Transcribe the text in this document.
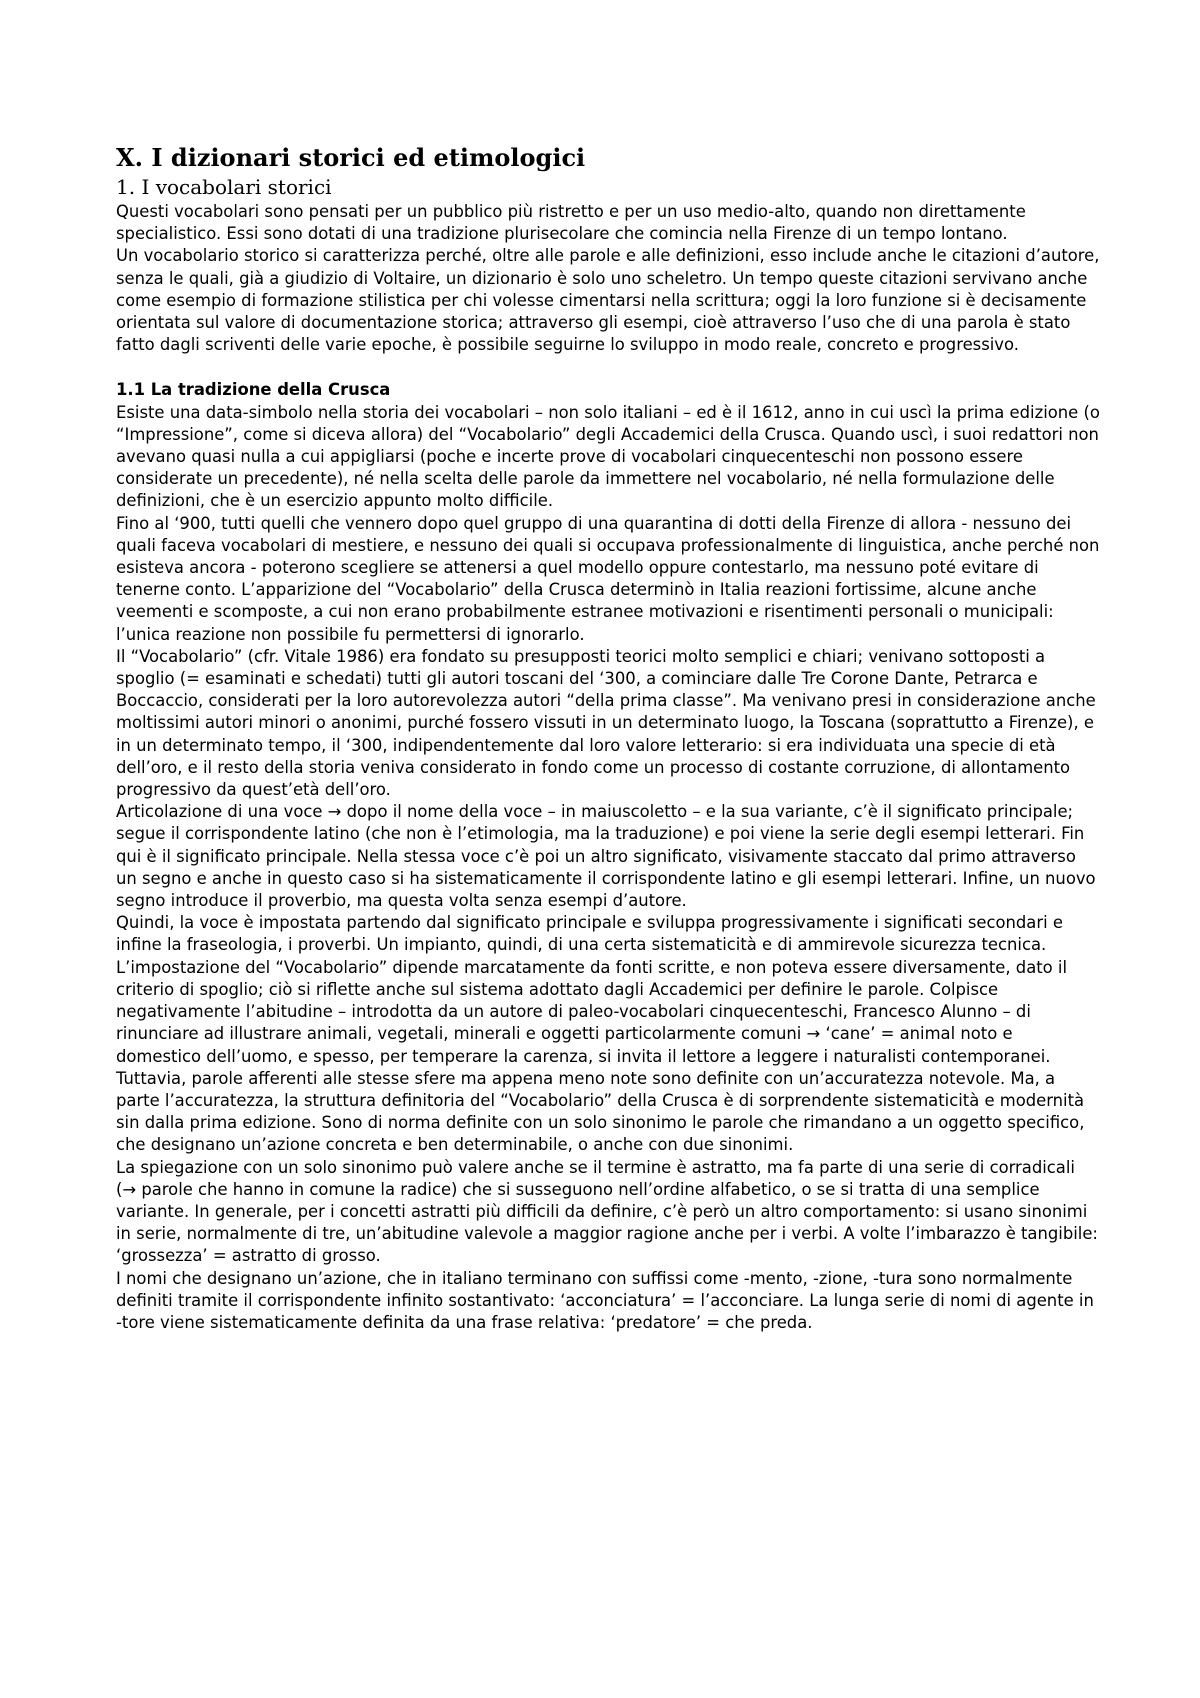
X. I dizionari storici ed etimologici
1. I vocabolari storici

Questi vocabolari sono pensati per un pubblico più ristretto e per un uso medio-alto, quando non direttamente specialistico. Essi sono dotati di una tradizione plurisecolare che comincia nella Firenze di un tempo lontano.

Un vocabolario storico si caratterizza perché, oltre alle parole e alle definizioni, esso include anche le citazioni d’autore, senza le quali, già a giudizio di Voltaire, un dizionario è solo uno scheletro. Un tempo queste citazioni servivano anche come esempio di formazione stilistica per chi volesse cimentarsi nella scrittura; oggi la loro funzione si è decisamente orientata sul valore di documentazione storica; attraverso gli esempi, cioè attraverso l’uso che di una parola è stato fatto dagli scriventi delle varie epoche, è possibile seguirne lo sviluppo in modo reale, concreto e progressivo.

1.1 La tradizione della Crusca

Esiste una data-simbolo nella storia dei vocabolari – non solo italiani – ed è il 1612, anno in cui uscì la prima edizione (o “Impressione”, come si diceva allora) del “Vocabolario” degli Accademici della Crusca. Quando uscì, i suoi redattori non avevano quasi nulla a cui appigliarsi (poche e incerte prove di vocabolari cinquecenteschi non possono essere considerate un precedente), né nella scelta delle parole da immettere nel vocabolario, né nella formulazione delle definizioni, che è un esercizio appunto molto difficile.

Fino al ‘900, tutti quelli che vennero dopo quel gruppo di una quarantina di dotti della Firenze di allora - nessuno dei quali faceva vocabolari di mestiere, e nessuno dei quali si occupava professionalmente di linguistica, anche perché non esisteva ancora - poterono scegliere se attenersi a quel modello oppure contestarlo, ma nessuno poté evitare di tenerne conto. L’apparizione del “Vocabolario” della Crusca determinò in Italia reazioni fortissime, alcune anche veementi e scomposte, a cui non erano probabilmente estranee motivazioni e risentimenti personali o municipali: l’unica reazione non possibile fu permettersi di ignorarlo.

Il “Vocabolario” (cfr. Vitale 1986) era fondato su presupposti teorici molto semplici e chiari; venivano sottoposti a spoglio (= esaminati e schedati) tutti gli autori toscani del ‘300, a cominciare dalle Tre Corone Dante, Petrarca e Boccaccio, considerati per la loro autorevolezza autori “della prima classe”. Ma venivano presi in considerazione anche moltissimi autori minori o anonimi, purché fossero vissuti in un determinato luogo, la Toscana (soprattutto a Firenze), e in un determinato tempo, il ‘300, indipendentemente dal loro valore letterario: si era individuata una specie di età dell’oro, e il resto della storia veniva considerato in fondo come un processo di costante corruzione, di allontamento progressivo da quest’età dell’oro.

Articolazione di una voce → dopo il nome della voce – in maiuscoletto – e la sua variante, c’è il significato principale; segue il corrispondente latino (che non è l’etimologia, ma la traduzione) e poi viene la serie degli esempi letterari. Fin qui è il significato principale. Nella stessa voce c’è poi un altro significato, visivamente staccato dal primo attraverso un segno e anche in questo caso si ha sistematicamente il corrispondente latino e gli esempi letterari. Infine, un nuovo segno introduce il proverbio, ma questa volta senza esempi d’autore.

Quindi, la voce è impostata partendo dal significato principale e sviluppa progressivamente i significati secondari e infine la fraseologia, i proverbi. Un impianto, quindi, di una certa sistematicità e di ammirevole sicurezza tecnica.

L’impostazione del “Vocabolario” dipende marcatamente da fonti scritte, e non poteva essere diversamente, dato il criterio di spoglio; ciò si riflette anche sul sistema adottato dagli Accademici per definire le parole. Colpisce negativamente l’abitudine – introdotta da un autore di paleo-vocabolari cinquecenteschi, Francesco Alunno – di rinunciare ad illustrare animali, vegetali, minerali e oggetti particolarmente comuni → ‘cane’ = animal noto e domestico dell’uomo, e spesso, per temperare la carenza, si invita il lettore a leggere i naturalisti contemporanei. Tuttavia, parole afferenti alle stesse sfere ma appena meno note sono definite con un’accuratezza notevole. Ma, a parte l’accuratezza, la struttura definitoria del “Vocabolario” della Crusca è di sorprendente sistematicità e modernità sin dalla prima edizione. Sono di norma definite con un solo sinonimo le parole che rimandano a un oggetto specifico, che designano un’azione concreta e ben determinabile, o anche con due sinonimi.

La spiegazione con un solo sinonimo può valere anche se il termine è astratto, ma fa parte di una serie di corradicali (→ parole che hanno in comune la radice) che si susseguono nell’ordine alfabetico, o se si tratta di una semplice variante. In generale, per i concetti astratti più difficili da definire, c’è però un altro comportamento: si usano sinonimi in serie, normalmente di tre, un’abitudine valevole a maggior ragione anche per i verbi. A volte l’imbarazzo è tangibile: ‘grossezza’ = astratto di grosso.

I nomi che designano un’azione, che in italiano terminano con suffissi come -mento, -zione, -tura sono normalmente definiti tramite il corrispondente infinito sostantivato: ‘acconciatura’ = l’acconciare. La lunga serie di nomi di agente in -tore viene sistematicamente definita da una frase relativa: ‘predatore’ = che preda.
